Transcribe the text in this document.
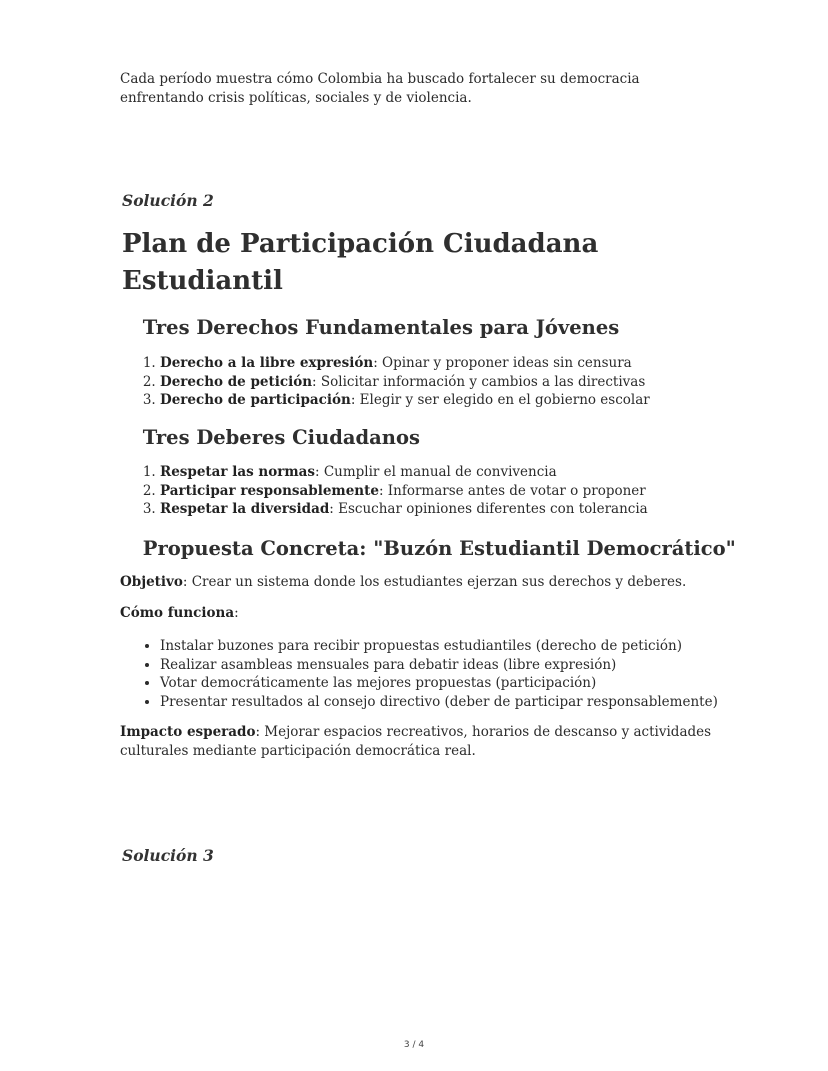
Cada período muestra cómo Colombia ha buscado fortalecer su democracia enfrentando crisis políticas, sociales y de violencia.

Solución 2

Plan de Participación Ciudadana Estudiantil
Tres Derechos Fundamentales para Jóvenes
1. Derecho a la libre expresión: Opinar y proponer ideas sin censura
2. Derecho de petición: Solicitar información y cambios a las directivas
3. Derecho de participación: Elegir y ser elegido en el gobierno escolar
Tres Deberes Ciudadanos
1. Respetar las normas: Cumplir el manual de convivencia
2. Participar responsablemente: Informarse antes de votar o proponer
3. Respetar la diversidad: Escuchar opiniones diferentes con tolerancia
Propuesta Concreta: "Buzón Estudiantil Democrático"

Objetivo: Crear un sistema donde los estudiantes ejerzan sus derechos y deberes.

Cómo funciona:

• Instalar buzones para recibir propuestas estudiantiles (derecho de petición)
• Realizar asambleas mensuales para debatir ideas (libre expresión)
• Votar democráticamente las mejores propuestas (participación)
• Presentar resultados al consejo directivo (deber de participar responsablemente)

Impacto esperado: Mejorar espacios recreativos, horarios de descanso y actividades culturales mediante participación democrática real.

Solución 3

3 / 4
